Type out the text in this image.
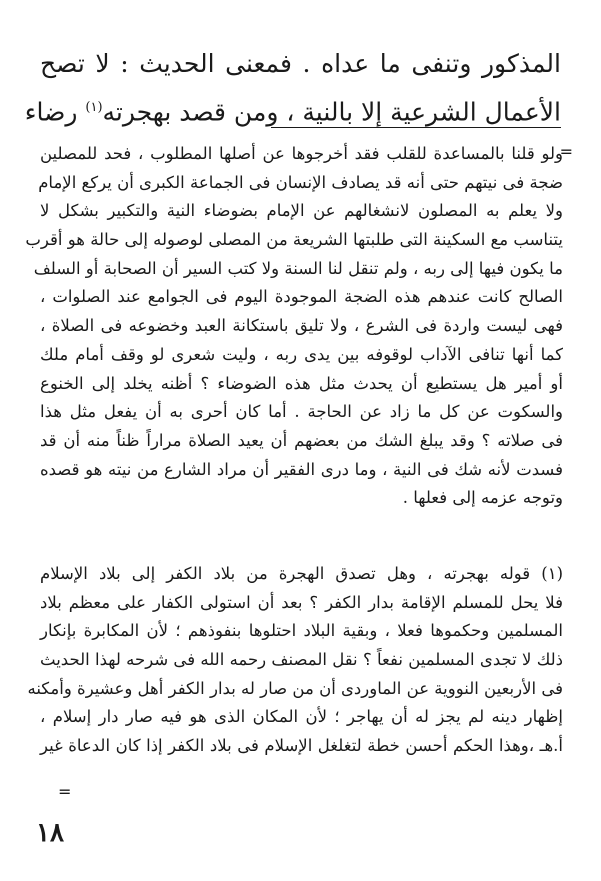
المذكور وتنفى ما عداه . فمعنى الحديث : لا تصح
الأعمال الشرعية إلا بالنية ، ومن قصد بهجرته$^{(١)}$ رضاء
=
ولو قلنا بالمساعدة للقلب فقد أخرجوها عن أصلها المطلوب ، فحد للمصلين
ضجة فى نيتهم حتى أنه قد يصادف الإنسان فى الجماعة الكبرى أن يركع الإمام
ولا يعلم به المصلون لانشغالهم عن الإمام بضوضاء النية والتكبير بشكل لا
يتناسب مع السكينة التى طلبتها الشريعة من المصلى لوصوله إلى حالة هو أقرب
ما يكون فيها إلى ربه ، ولم تنقل لنا السنة ولا كتب السير أن الصحابة أو السلف
الصالح كانت عندهم هذه الضجة الموجودة اليوم فى الجوامع عند الصلوات ،
فهى ليست واردة فى الشرع ، ولا تليق باستكانة العبد وخضوعه فى الصلاة ،
كما أنها تنافى الآداب لوقوفه بين يدى ربه ، وليت شعرى لو وقف أمام ملك
أو أمير هل يستطيع أن يحدث مثل هذه الضوضاء ؟ أظنه يخلد إلى الخنوع
والسكوت عن كل ما زاد عن الحاجة . أما كان أحرى به أن يفعل مثل هذا
فى صلاته ؟ وقد يبلغ الشك من بعضهم أن يعيد الصلاة مراراً ظناً منه أن قد
فسدت لأنه شك فى النية ، وما درى الفقير أن مراد الشارع من نيته هو قصده
وتوجه عزمه إلى فعلها .
(١) قوله بهجرته ، وهل تصدق الهجرة من بلاد الكفر إلى بلاد الإسلام
فلا يحل للمسلم الإقامة بدار الكفر ؟ بعد أن استولى الكفار على معظم بلاد
المسلمين وحكموها فعلا ، وبقية البلاد احتلوها بنفوذهم ؛ لأن المكابرة بإنكار
ذلك لا تجدى المسلمين نفعاً ؟ نقل المصنف رحمه الله فى شرحه لهذا الحديث
فى الأربعين النووية عن الماوردى أن من صار له بدار الكفر أهل وعشيرة وأمكنه
إظهار دينه لم يجز له أن يهاجر ؛ لأن المكان الذى هو فيه صار دار إسلام ،
أ.هـ ،وهذا الحكم أحسن خطة لتغلغل الإسلام فى بلاد الكفر إذا كان الدعاة غير
=
١٨
